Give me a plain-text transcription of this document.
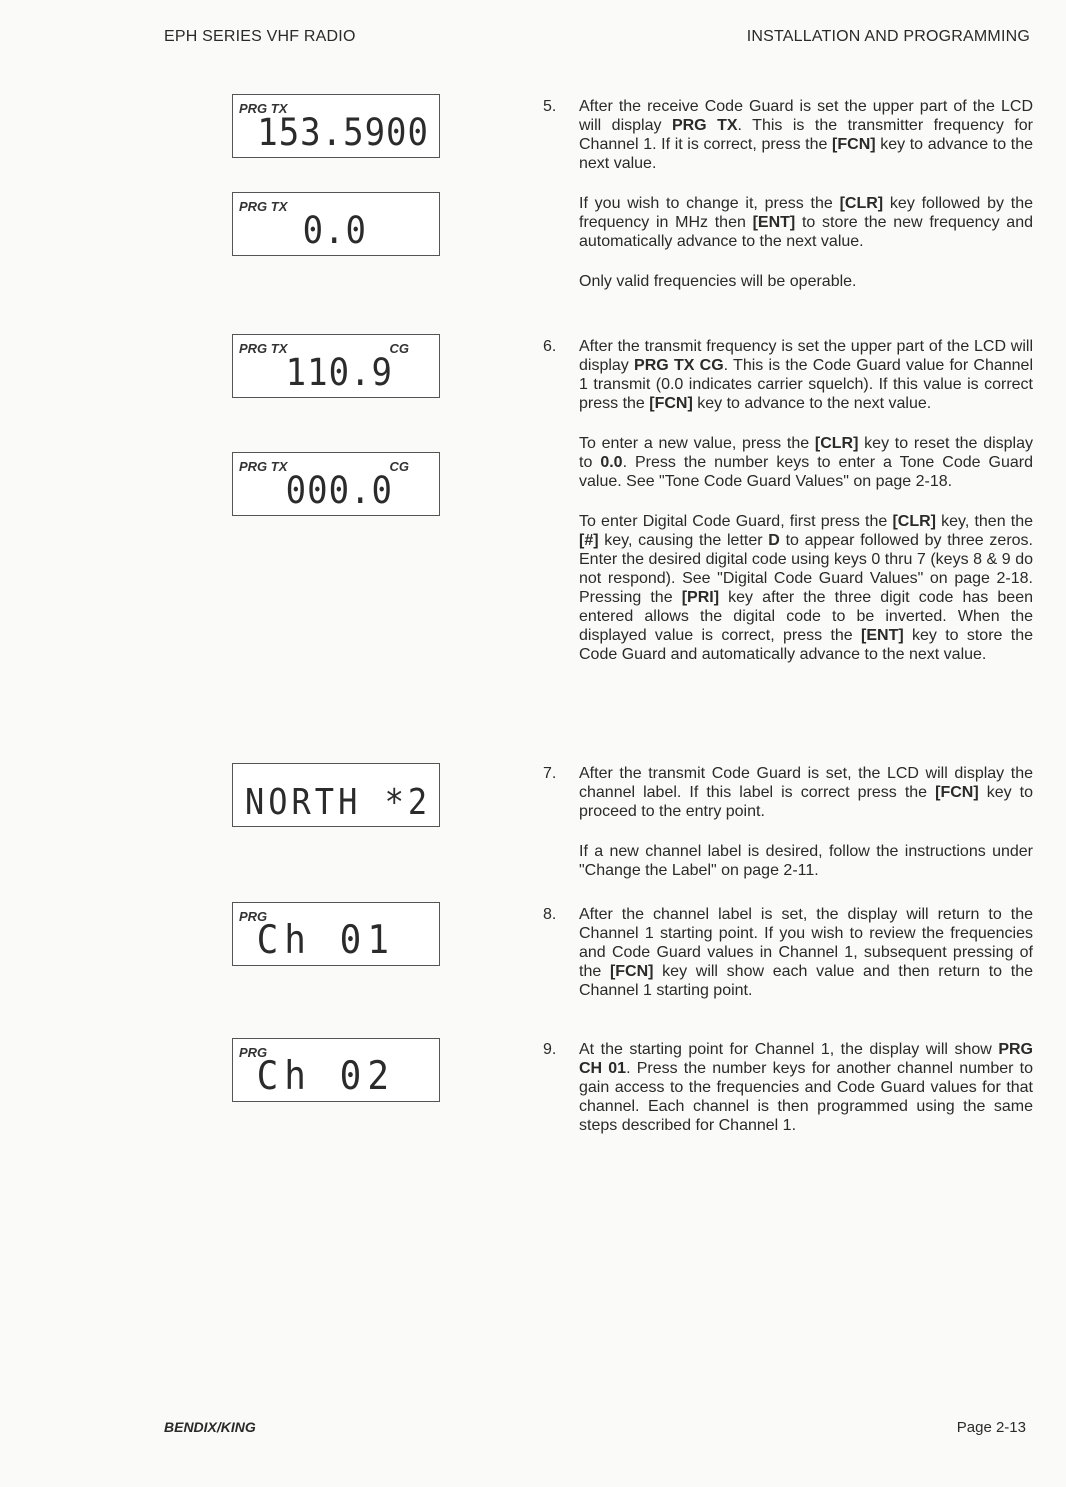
EPH SERIES VHF RADIO	INSTALLATION AND PROGRAMMING
PRG TX
153.5900
PRG TX
0.0
PRG TX	CG
110.9
PRG TX	CG
000.0
NORTH *2
PRG
Ch 01
PRG
Ch 02
5. After the receive Code Guard is set the upper part of the LCD will display PRG TX. This is the transmitter frequency for Channel 1. If it is correct, press the [FCN] key to advance to the next value.

If you wish to change it, press the [CLR] key followed by the frequency in MHz then [ENT] to store the new frequency and automatically advance to the next value.

Only valid frequencies will be operable.

6. After the transmit frequency is set the upper part of the LCD will display PRG TX CG. This is the Code Guard value for Channel 1 transmit (0.0 indicates carrier squelch). If this value is correct press the [FCN] key to advance to the next value.

To enter a new value, press the [CLR] key to reset the display to 0.0. Press the number keys to enter a Tone Code Guard value. See "Tone Code Guard Values" on page 2-18.

To enter Digital Code Guard, first press the [CLR] key, then the [#] key, causing the letter D to appear followed by three zeros. Enter the desired digital code using keys 0 thru 7 (keys 8 & 9 do not respond). See "Digital Code Guard Values" on page 2-18. Pressing the [PRI] key after the three digit code has been entered allows the digital code to be inverted. When the displayed value is correct, press the [ENT] key to store the Code Guard and automatically advance to the next value.

7. After the transmit Code Guard is set, the LCD will display the channel label. If this label is correct press the [FCN] key to proceed to the entry point.

If a new channel label is desired, follow the instructions under "Change the Label" on page 2-11.

8. After the channel label is set, the display will return to the Channel 1 starting point. If you wish to review the frequencies and Code Guard values in Channel 1, subsequent pressing of the [FCN] key will show each value and then return to the Channel 1 starting point.

9. At the starting point for Channel 1, the display will show PRG CH 01. Press the number keys for another channel number to gain access to the frequencies and Code Guard values for that channel. Each channel is then programmed using the same steps described for Channel 1.

BENDIX/KING	Page 2-13
